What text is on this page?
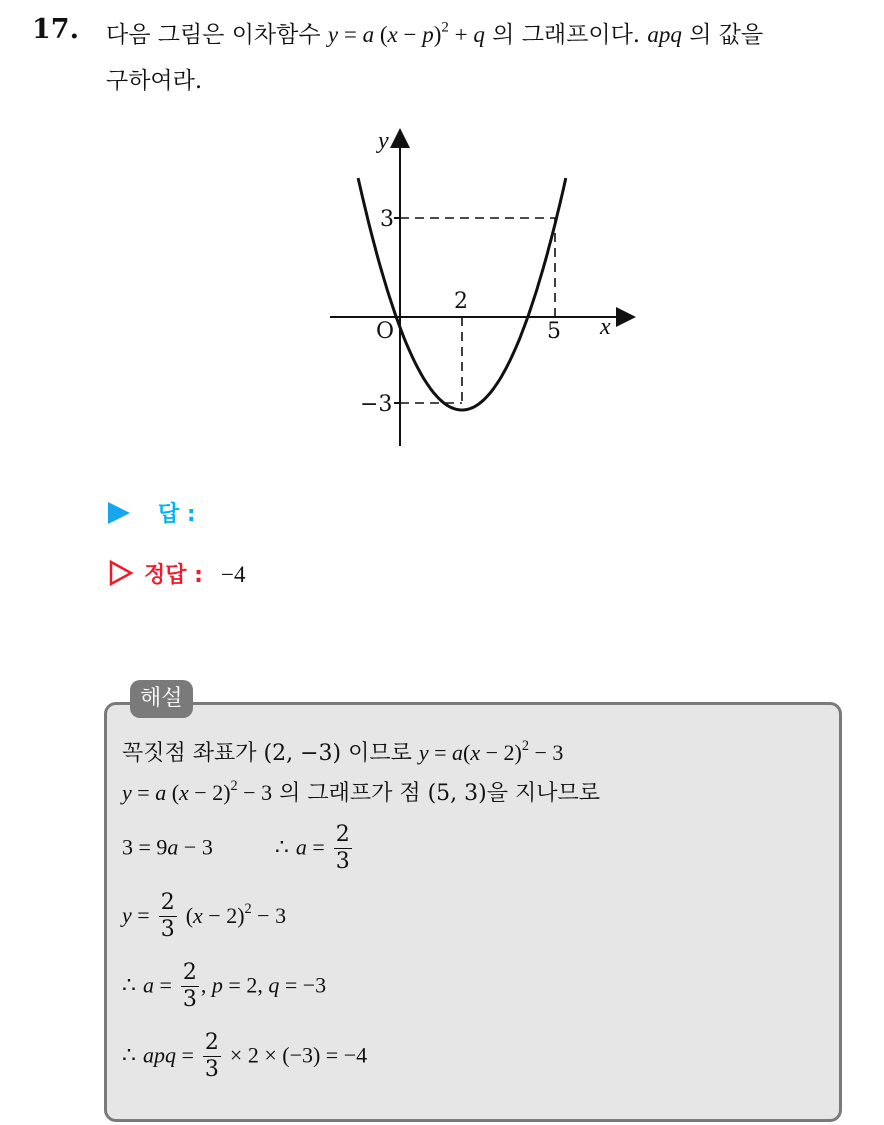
17. 다음 그림은 이차함수 y = a $(x - p)^2 + q$ 의 그래프이다. apq 의 값을
구하여라.
y
x
O
2
5
3
−3
답 :
정답 : −4
해설
꼭짓점 좌표가 (2, −3) 이므로 $y = a(x - 2)^2 - 3$
y = a $(x - 2)^2 - 3$ 의 그래프가 점 (5, 3)을 지나므로
3 = 9a − 3	∴ $a = \frac{2}{3}$
$y = \frac{2}{3} (x - 2)^2 - 3$
∴ $a = \frac{2}{3}$ , p = 2, q = −3
∴ apq = $\frac{2}{3} \times 2 \times (-3) = -4$
